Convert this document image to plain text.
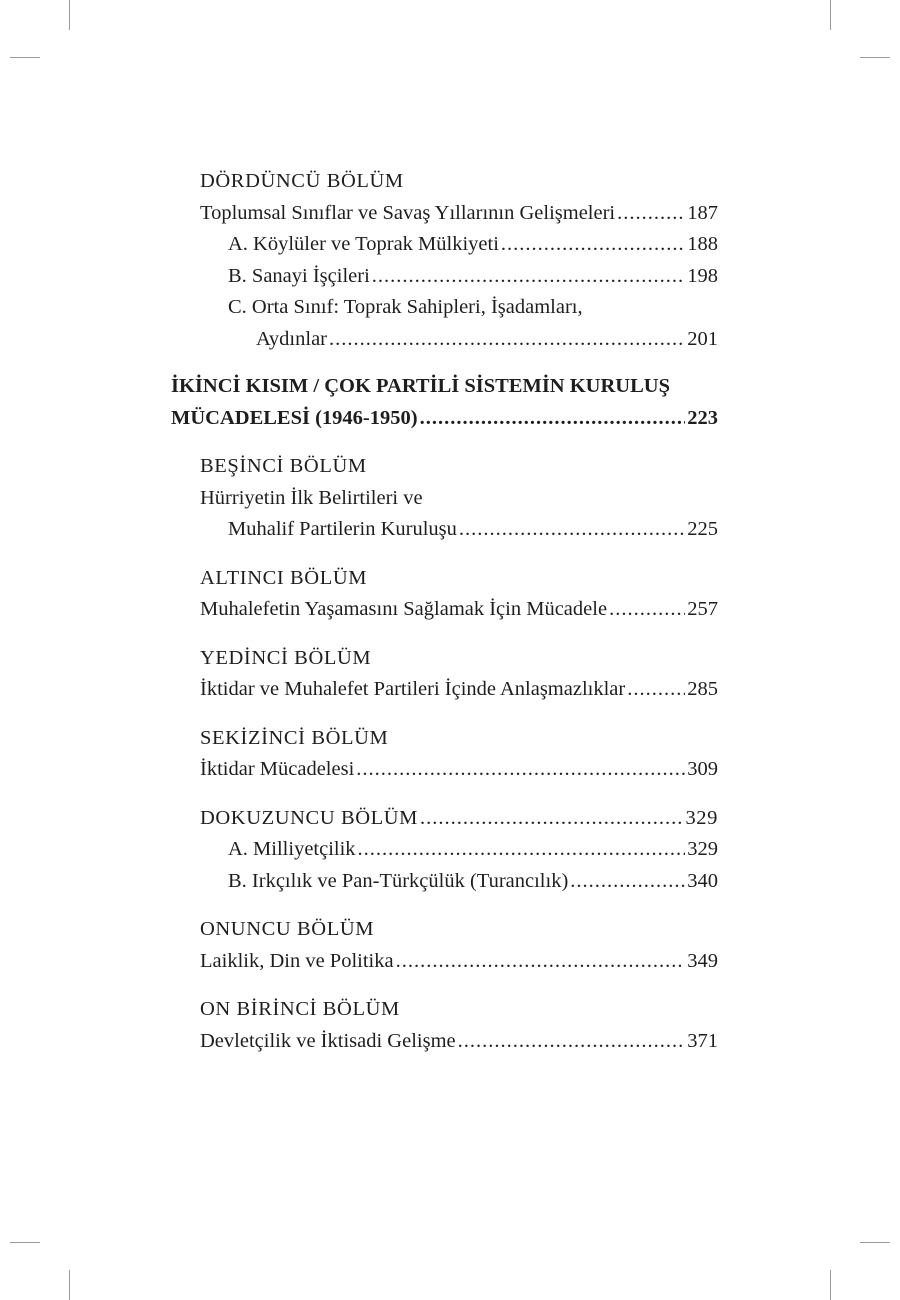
DÖRDÜNCÜ BÖLÜM
Toplumsal Sınıflar ve Savaş Yıllarının Gelişmeleri .....	187
A. Köylüler ve Toprak Mülkiyeti .....	188
B. Sanayi İşçileri .....	198
C. Orta Sınıf: Toprak Sahipleri, İşadamları,
Aydınlar .....	201
İKİNCİ KISIM / ÇOK PARTİLİ SİSTEMİN KURULUŞ
MÜCADELESİ (1946-1950) .....	223
BEŞİNCİ BÖLÜM
Hürriyetin İlk Belirtileri ve
Muhalif Partilerin Kuruluşu .....	225
ALTINCI BÖLÜM
Muhalefetin Yaşamasını Sağlamak İçin Mücadele .....	257
YEDİNCİ BÖLÜM
İktidar ve Muhalefet Partileri İçinde Anlaşmazlıklar .....	285
SEKİZİNCİ BÖLÜM
İktidar Mücadelesi .....	309
DOKUZUNCU BÖLÜM .....	329
A. Milliyetçilik .....	329
B. Irkçılık ve Pan-Türkçülük (Turancılık) .....	340
ONUNCU BÖLÜM
Laiklik, Din ve Politika .....	349
ON BİRİNCİ BÖLÜM
Devletçilik ve İktisadi Gelişme .....	371
